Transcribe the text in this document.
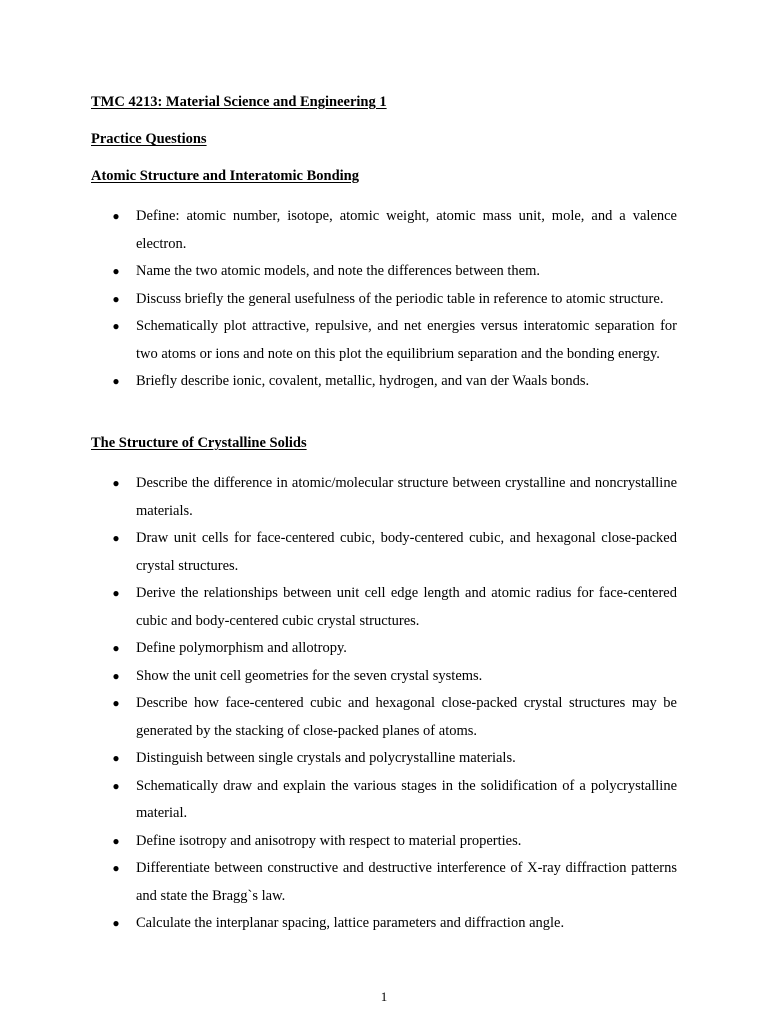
TMC 4213: Material Science and Engineering 1
Practice Questions
Atomic Structure and Interatomic Bonding
● Define: atomic number, isotope, atomic weight, atomic mass unit, mole, and a valence electron.
● Name the two atomic models, and note the differences between them.
● Discuss briefly the general usefulness of the periodic table in reference to atomic structure.
● Schematically plot attractive, repulsive, and net energies versus interatomic separation for two atoms or ions and note on this plot the equilibrium separation and the bonding energy.
● Briefly describe ionic, covalent, metallic, hydrogen, and van der Waals bonds.
The Structure of Crystalline Solids
● Describe the difference in atomic/molecular structure between crystalline and noncrystalline materials.
● Draw unit cells for face-centered cubic, body-centered cubic, and hexagonal close-packed crystal structures.
● Derive the relationships between unit cell edge length and atomic radius for face-centered cubic and body-centered cubic crystal structures.
● Define polymorphism and allotropy.
● Show the unit cell geometries for the seven crystal systems.
● Describe how face-centered cubic and hexagonal close-packed crystal structures may be generated by the stacking of close-packed planes of atoms.
● Distinguish between single crystals and polycrystalline materials.
● Schematically draw and explain the various stages in the solidification of a polycrystalline material.
● Define isotropy and anisotropy with respect to material properties.
● Differentiate between constructive and destructive interference of X-ray diffraction patterns and state the Bragg`s law.
● Calculate the interplanar spacing, lattice parameters and diffraction angle.
1
